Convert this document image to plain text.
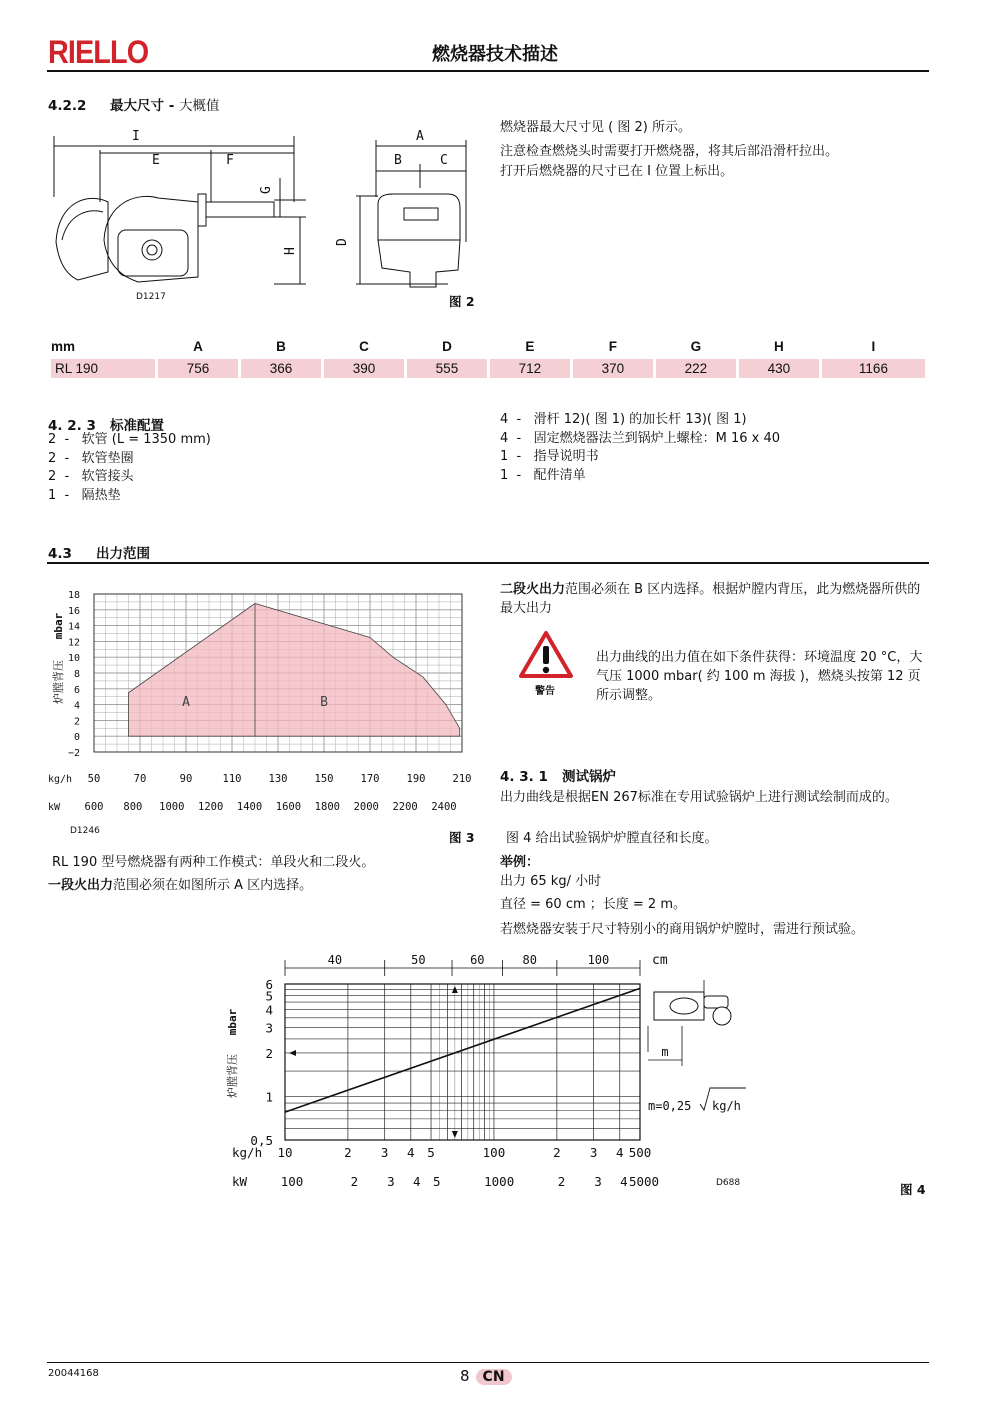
RIELLO	燃烧器技术描述
4.2.2 最大尺寸 - 大概值
燃烧器最大尺寸见 ( 图 2) 所示。
注意检查燃烧头时需要打开燃烧器，将其后部沿滑杆拉出。
打开后燃烧器的尺寸已在 I 位置上标出。
I
E	F
G
H
A
B	C
D
D1217	图 2
mm	A	B	C	D	E	F	G	H	I
RL 190	756	366	390	555	712	370	222	430	1166
4. 2. 3 标准配置
2  -   软管 (L = 1350 mm)
2  -   软管垫圈
2  -   软管接头
1  -   隔热垫
4  -   滑杆 12)( 图 1) 的加长杆 13)( 图 1)
4  -   固定燃烧器法兰到锅炉上螺栓：M 16 x 40
1  -   指导说明书
1  -   配件清单
4.3 出力范围
二段火出力范围必须在 B 区内选择。根据炉膛内背压，此为燃烧器所供的最大出力
警告
出力曲线的出力值在如下条件获得：环境温度 20 °C，大气压 1000 mbar( 约 100 m 海拔 )，燃烧头按第 12 页所示调整。
A	B
18
16
14
12
10
8
6
4
2
0
−2
kg/h 50	70	90	110	130	150	170	190	210
kW 600 800 1000 1200 1400 1600 1800 2000 2200 2400
炉膛背压
mbar
D1246	图 3
RL 190 型号燃烧器有两种工作模式：单段火和二段火。
一段火出力范围必须在如图所示 A 区内选择。
4. 3. 1 测试锅炉
出力曲线是根据EN 267标准在专用试验锅炉上进行测试绘制而成的。
图 4 给出试验锅炉炉膛直径和长度。
举例：
出力 65 kg/ 小时
直径 = 60 cm ；长度 = 2 m。
若燃烧器安装于尺寸特别小的商用锅炉炉膛时，需进行预试验。
6
5
4
3
2
1
0,5
40	50	60	80	100	cm
kg/h 10	2 3 4 5	100	2 3 4 500
kW	100	2 3 4 5	1000	2 3 4 5000
炉膛背压
mbar
m
m=0,25 kg/h
D688	图 4
20044168	8 CN
